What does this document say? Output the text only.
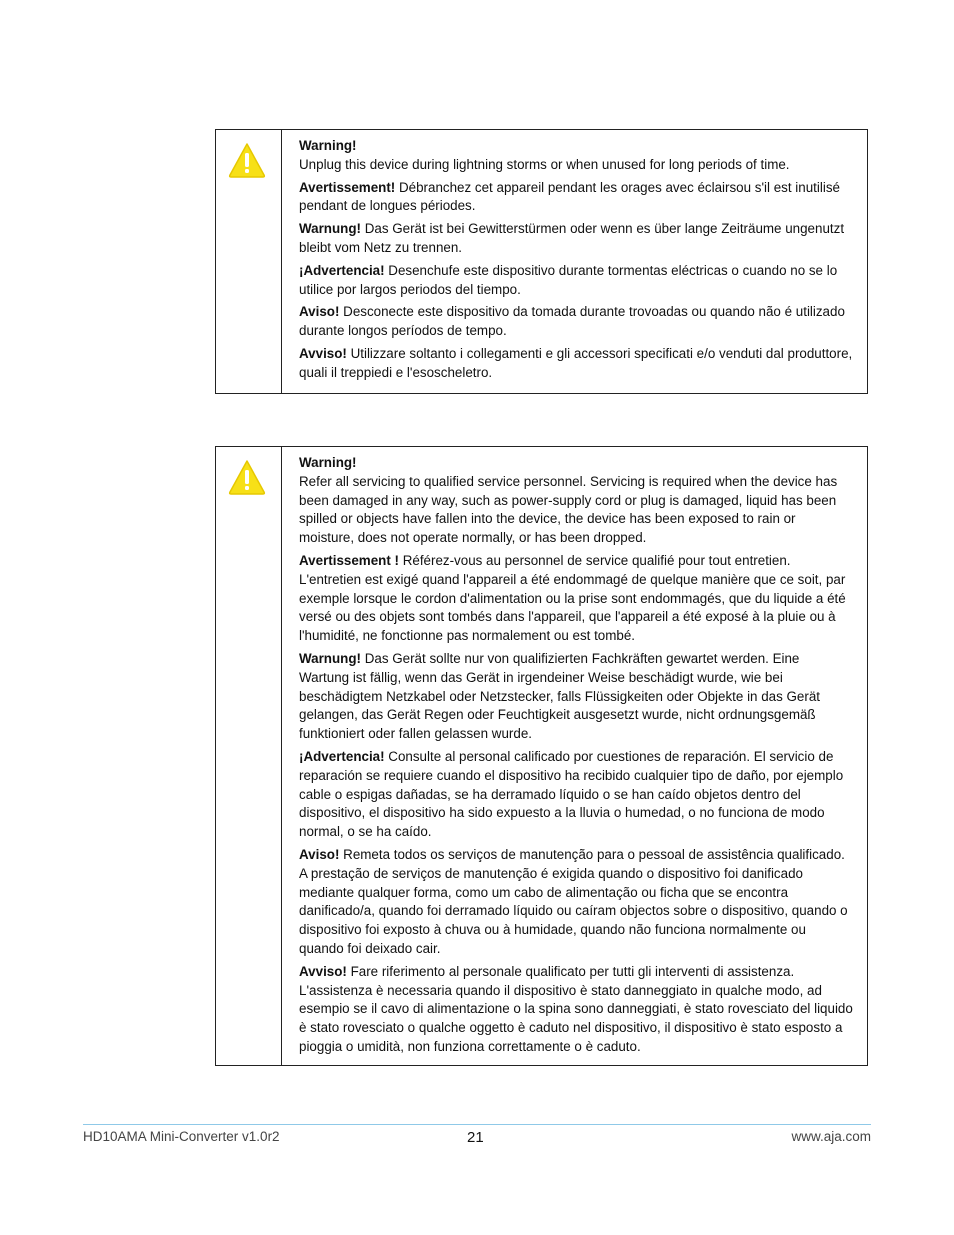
Warning!
Unplug this device during lightning storms or when unused for long periods of time.

Avertissement! Débranchez cet appareil pendant les orages avec éclairsou s'il est inutilisé pendant de longues périodes.

Warnung! Das Gerät ist bei Gewitterstürmen oder wenn es über lange Zeiträume ungenutzt bleibt vom Netz zu trennen.

¡Advertencia! Desenchufe este dispositivo durante tormentas eléctricas o cuando no se lo utilice por largos periodos del tiempo.

Aviso! Desconecte este dispositivo da tomada durante trovoadas ou quando não é utilizado durante longos períodos de tempo.

Avviso! Utilizzare soltanto i collegamenti e gli accessori specificati e/o venduti dal produttore, quali il treppiedi e l'esoscheletro.

Warning!
Refer all servicing to qualified service personnel. Servicing is required when the device has been damaged in any way, such as power-supply cord or plug is damaged, liquid has been spilled or objects have fallen into the device, the device has been exposed to rain or moisture, does not operate normally, or has been dropped.

Avertissement ! Référez-vous au personnel de service qualifié pour tout entretien. L'entretien est exigé quand l'appareil a été endommagé de quelque manière que ce soit, par exemple lorsque le cordon d'alimentation ou la prise sont endommagés, que du liquide a été versé ou des objets sont tombés dans l'appareil, que l'appareil a été exposé à la pluie ou à l'humidité, ne fonctionne pas normalement ou est tombé.

Warnung! Das Gerät sollte nur von qualifizierten Fachkräften gewartet werden. Eine Wartung ist fällig, wenn das Gerät in irgendeiner Weise beschädigt wurde, wie bei beschädigtem Netzkabel oder Netzstecker, falls Flüssigkeiten oder Objekte in das Gerät gelangen, das Gerät Regen oder Feuchtigkeit ausgesetzt wurde, nicht ordnungsgemäß funktioniert oder fallen gelassen wurde.

¡Advertencia! Consulte al personal calificado por cuestiones de reparación. El servicio de reparación se requiere cuando el dispositivo ha recibido cualquier tipo de daño, por ejemplo cable o espigas dañadas, se ha derramado líquido o se han caído objetos dentro del dispositivo, el dispositivo ha sido expuesto a la lluvia o humedad, o no funciona de modo normal, o se ha caído.

Aviso! Remeta todos os serviços de manutenção para o pessoal de assistência qualificado. A prestação de serviços de manutenção é exigida quando o dispositivo foi danificado mediante qualquer forma, como um cabo de alimentação ou ficha que se encontra danificado/a, quando foi derramado líquido ou caíram objectos sobre o dispositivo, quando o dispositivo foi exposto à chuva ou à humidade, quando não funciona normalmente ou quando foi deixado cair.

Avviso! Fare riferimento al personale qualificato per tutti gli interventi di assistenza. L'assistenza è necessaria quando il dispositivo è stato danneggiato in qualche modo, ad esempio se il cavo di alimentazione o la spina sono danneggiati, è stato rovesciato del liquido è stato rovesciato o qualche oggetto è caduto nel dispositivo, il dispositivo è stato esposto a pioggia o umidità, non funziona correttamente o è caduto.

HD10AMA Mini-Converter v1.0r2	21	www.aja.com
